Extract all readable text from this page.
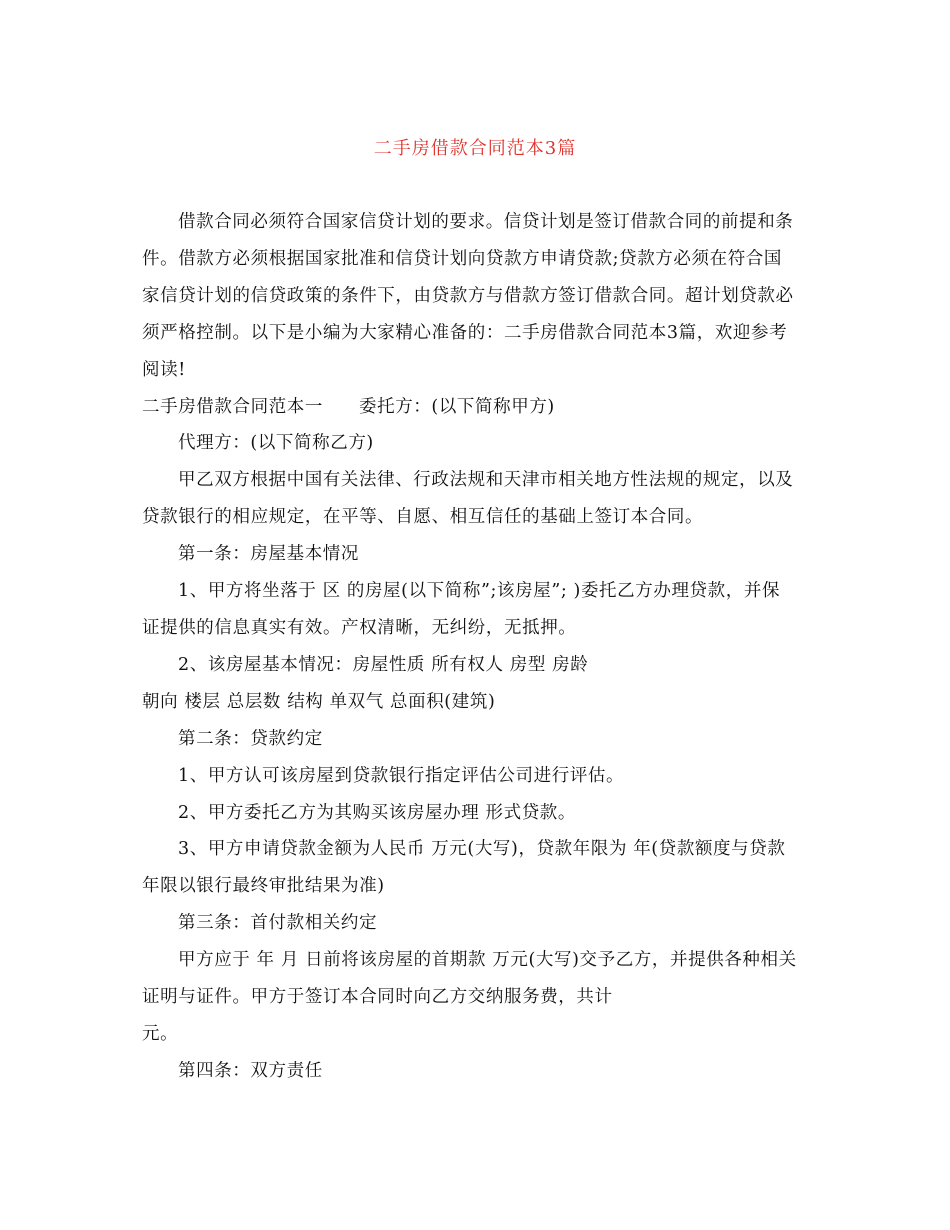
二手房借款合同范本3篇

借款合同必须符合国家信贷计划的要求。信贷计划是签订借款合同的前提和条

件。借款方必须根据国家批准和信贷计划向贷款方申请贷款;贷款方必须在符合国

家信贷计划的信贷政策的条件下，由贷款方与借款方签订借款合同。超计划贷款必

须严格控制。以下是小编为大家精心准备的：二手房借款合同范本3篇，欢迎参考

阅读!

二手房借款合同范本一 委托方：(以下简称甲方)

代理方：(以下简称乙方)

甲乙双方根据中国有关法律、行政法规和天津市相关地方性法规的规定，以及

贷款银行的相应规定，在平等、自愿、相互信任的基础上签订本合同。

第一条：房屋基本情况

1、甲方将坐落于 区 的房屋(以下简称”;该房屋”; )委托乙方办理贷款，并保

证提供的信息真实有效。产权清晰，无纠纷，无抵押。

2、该房屋基本情况：房屋性质 所有权人 房型 房龄

朝向 楼层 总层数 结构 单双气 总面积(建筑)

第二条：贷款约定

1、甲方认可该房屋到贷款银行指定评估公司进行评估。

2、甲方委托乙方为其购买该房屋办理 形式贷款。

3、甲方申请贷款金额为人民币 万元(大写)，贷款年限为 年(贷款额度与贷款

年限以银行最终审批结果为准)

第三条：首付款相关约定

甲方应于 年 月 日前将该房屋的首期款 万元(大写)交予乙方，并提供各种相关

证明与证件。甲方于签订本合同时向乙方交纳服务费，共计

元。

第四条：双方责任
